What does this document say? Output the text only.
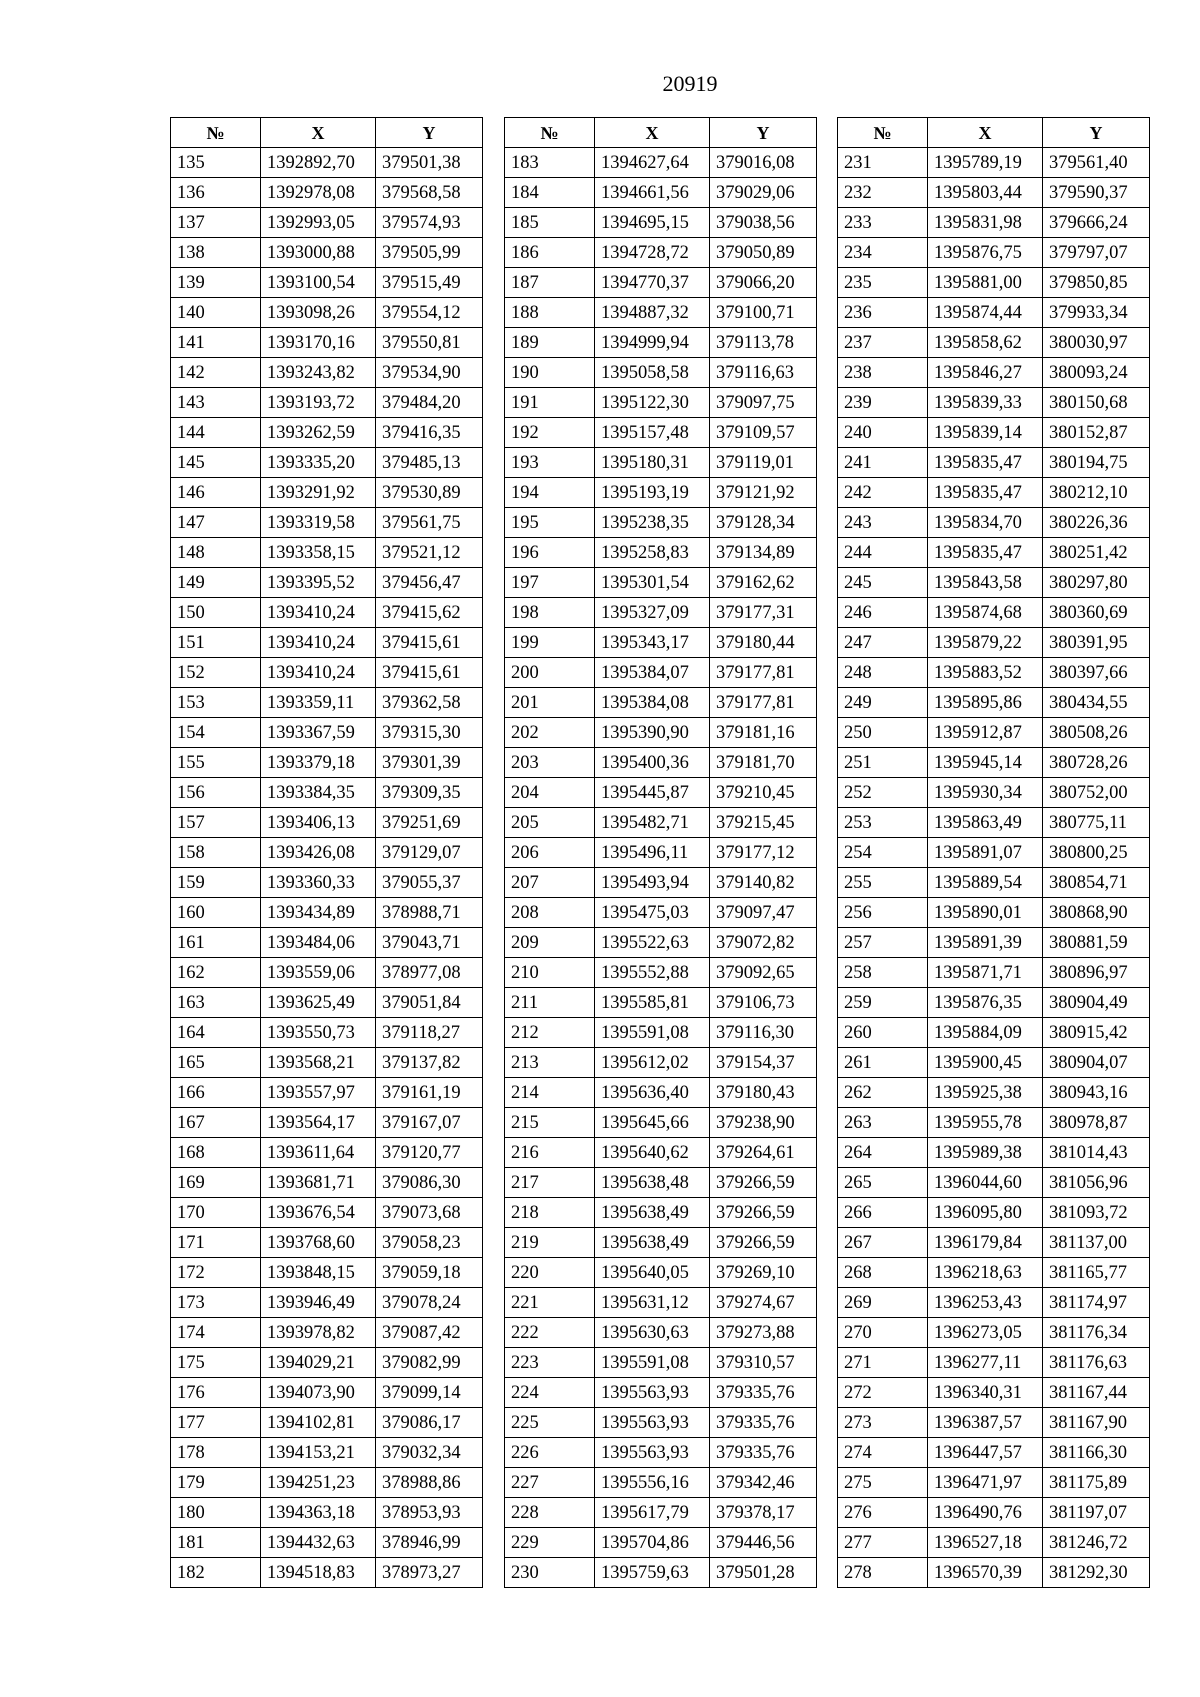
20919
№	X	Y
135	1392892,70	379501,38
136	1392978,08	379568,58
137	1392993,05	379574,93
138	1393000,88	379505,99
139	1393100,54	379515,49
140	1393098,26	379554,12
141	1393170,16	379550,81
142	1393243,82	379534,90
143	1393193,72	379484,20
144	1393262,59	379416,35
145	1393335,20	379485,13
146	1393291,92	379530,89
147	1393319,58	379561,75
148	1393358,15	379521,12
149	1393395,52	379456,47
150	1393410,24	379415,62
151	1393410,24	379415,61
152	1393410,24	379415,61
153	1393359,11	379362,58
154	1393367,59	379315,30
155	1393379,18	379301,39
156	1393384,35	379309,35
157	1393406,13	379251,69
158	1393426,08	379129,07
159	1393360,33	379055,37
160	1393434,89	378988,71
161	1393484,06	379043,71
162	1393559,06	378977,08
163	1393625,49	379051,84
164	1393550,73	379118,27
165	1393568,21	379137,82
166	1393557,97	379161,19
167	1393564,17	379167,07
168	1393611,64	379120,77
169	1393681,71	379086,30
170	1393676,54	379073,68
171	1393768,60	379058,23
172	1393848,15	379059,18
173	1393946,49	379078,24
174	1393978,82	379087,42
175	1394029,21	379082,99
176	1394073,90	379099,14
177	1394102,81	379086,17
178	1394153,21	379032,34
179	1394251,23	378988,86
180	1394363,18	378953,93
181	1394432,63	378946,99
182	1394518,83	378973,27
№	X	Y
183	1394627,64	379016,08
184	1394661,56	379029,06
185	1394695,15	379038,56
186	1394728,72	379050,89
187	1394770,37	379066,20
188	1394887,32	379100,71
189	1394999,94	379113,78
190	1395058,58	379116,63
191	1395122,30	379097,75
192	1395157,48	379109,57
193	1395180,31	379119,01
194	1395193,19	379121,92
195	1395238,35	379128,34
196	1395258,83	379134,89
197	1395301,54	379162,62
198	1395327,09	379177,31
199	1395343,17	379180,44
200	1395384,07	379177,81
201	1395384,08	379177,81
202	1395390,90	379181,16
203	1395400,36	379181,70
204	1395445,87	379210,45
205	1395482,71	379215,45
206	1395496,11	379177,12
207	1395493,94	379140,82
208	1395475,03	379097,47
209	1395522,63	379072,82
210	1395552,88	379092,65
211	1395585,81	379106,73
212	1395591,08	379116,30
213	1395612,02	379154,37
214	1395636,40	379180,43
215	1395645,66	379238,90
216	1395640,62	379264,61
217	1395638,48	379266,59
218	1395638,49	379266,59
219	1395638,49	379266,59
220	1395640,05	379269,10
221	1395631,12	379274,67
222	1395630,63	379273,88
223	1395591,08	379310,57
224	1395563,93	379335,76
225	1395563,93	379335,76
226	1395563,93	379335,76
227	1395556,16	379342,46
228	1395617,79	379378,17
229	1395704,86	379446,56
230	1395759,63	379501,28
№	X	Y
231	1395789,19	379561,40
232	1395803,44	379590,37
233	1395831,98	379666,24
234	1395876,75	379797,07
235	1395881,00	379850,85
236	1395874,44	379933,34
237	1395858,62	380030,97
238	1395846,27	380093,24
239	1395839,33	380150,68
240	1395839,14	380152,87
241	1395835,47	380194,75
242	1395835,47	380212,10
243	1395834,70	380226,36
244	1395835,47	380251,42
245	1395843,58	380297,80
246	1395874,68	380360,69
247	1395879,22	380391,95
248	1395883,52	380397,66
249	1395895,86	380434,55
250	1395912,87	380508,26
251	1395945,14	380728,26
252	1395930,34	380752,00
253	1395863,49	380775,11
254	1395891,07	380800,25
255	1395889,54	380854,71
256	1395890,01	380868,90
257	1395891,39	380881,59
258	1395871,71	380896,97
259	1395876,35	380904,49
260	1395884,09	380915,42
261	1395900,45	380904,07
262	1395925,38	380943,16
263	1395955,78	380978,87
264	1395989,38	381014,43
265	1396044,60	381056,96
266	1396095,80	381093,72
267	1396179,84	381137,00
268	1396218,63	381165,77
269	1396253,43	381174,97
270	1396273,05	381176,34
271	1396277,11	381176,63
272	1396340,31	381167,44
273	1396387,57	381167,90
274	1396447,57	381166,30
275	1396471,97	381175,89
276	1396490,76	381197,07
277	1396527,18	381246,72
278	1396570,39	381292,30
